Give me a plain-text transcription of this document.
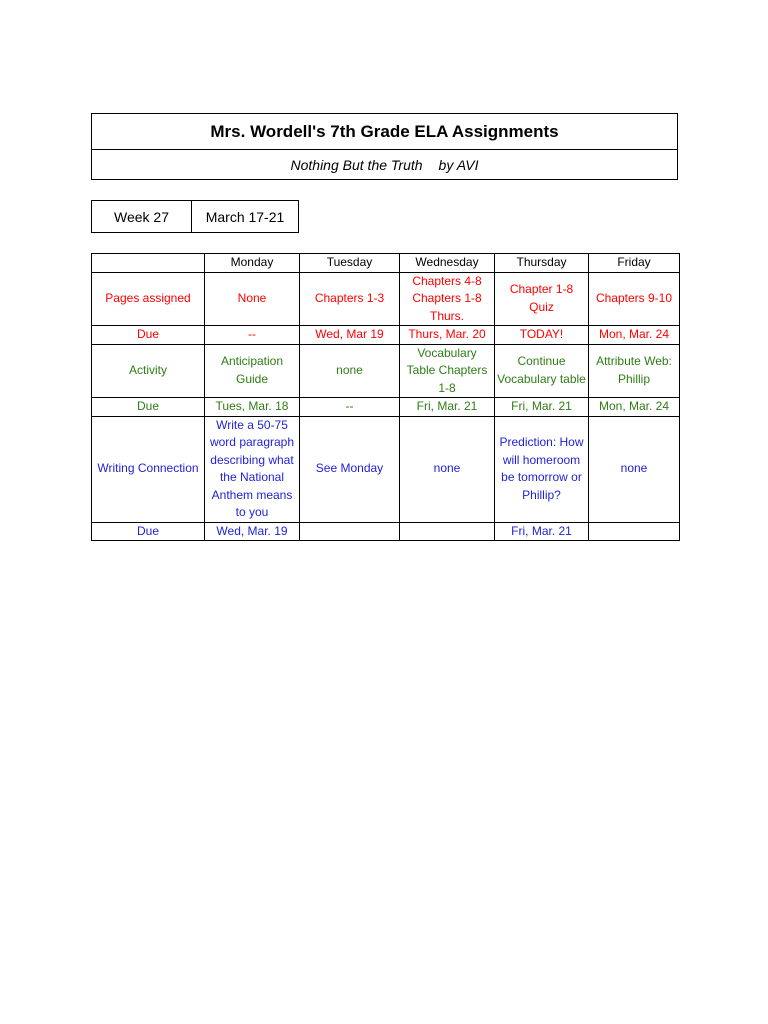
Mrs. Wordell's 7th Grade ELA Assignments
Nothing But the Truth by AVI
Week 27	March 17-21
	Monday	Tuesday	Wednesday	Thursday	Friday
Pages assigned	None	Chapters 1-3	Chapters 4-8 Chapters 1-8 Thurs.	Chapter 1-8 Quiz	Chapters 9-10
Due	--	Wed, Mar 19	Thurs, Mar. 20	TODAY!	Mon, Mar. 24
Activity	Anticipation Guide	none	Vocabulary Table Chapters 1-8	Continue Vocabulary table	Attribute Web: Phillip
Due	Tues, Mar. 18	--	Fri, Mar. 21	Fri, Mar. 21	Mon, Mar. 24
Writing Connection	Write a 50-75 word paragraph describing what the National Anthem means to you	See Monday	none	Prediction: How will homeroom be tomorrow or Phillip?	none
Due	Wed, Mar. 19			Fri, Mar. 21	
